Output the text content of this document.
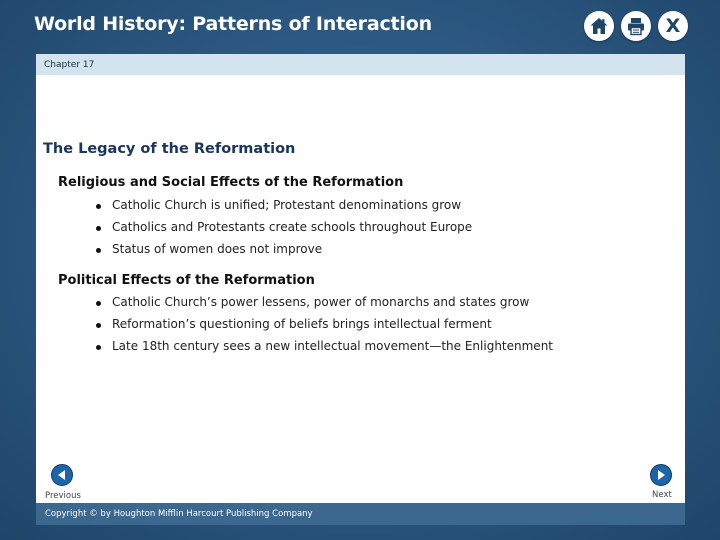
World History: Patterns of Interaction	X
Chapter 17
The Legacy of the Reformation
Religious and Social Effects of the Reformation
Catholic Church is unified; Protestant denominations grow
Catholics and Protestants create schools throughout Europe
Status of women does not improve
Political Effects of the Reformation
Catholic Church’s power lessens, power of monarchs and states grow
Reformation’s questioning of beliefs brings intellectual ferment
Late 18th century sees a new intellectual movement—the Enlightenment
Previous	Next
Copyright © by Houghton Mifflin Harcourt Publishing Company
